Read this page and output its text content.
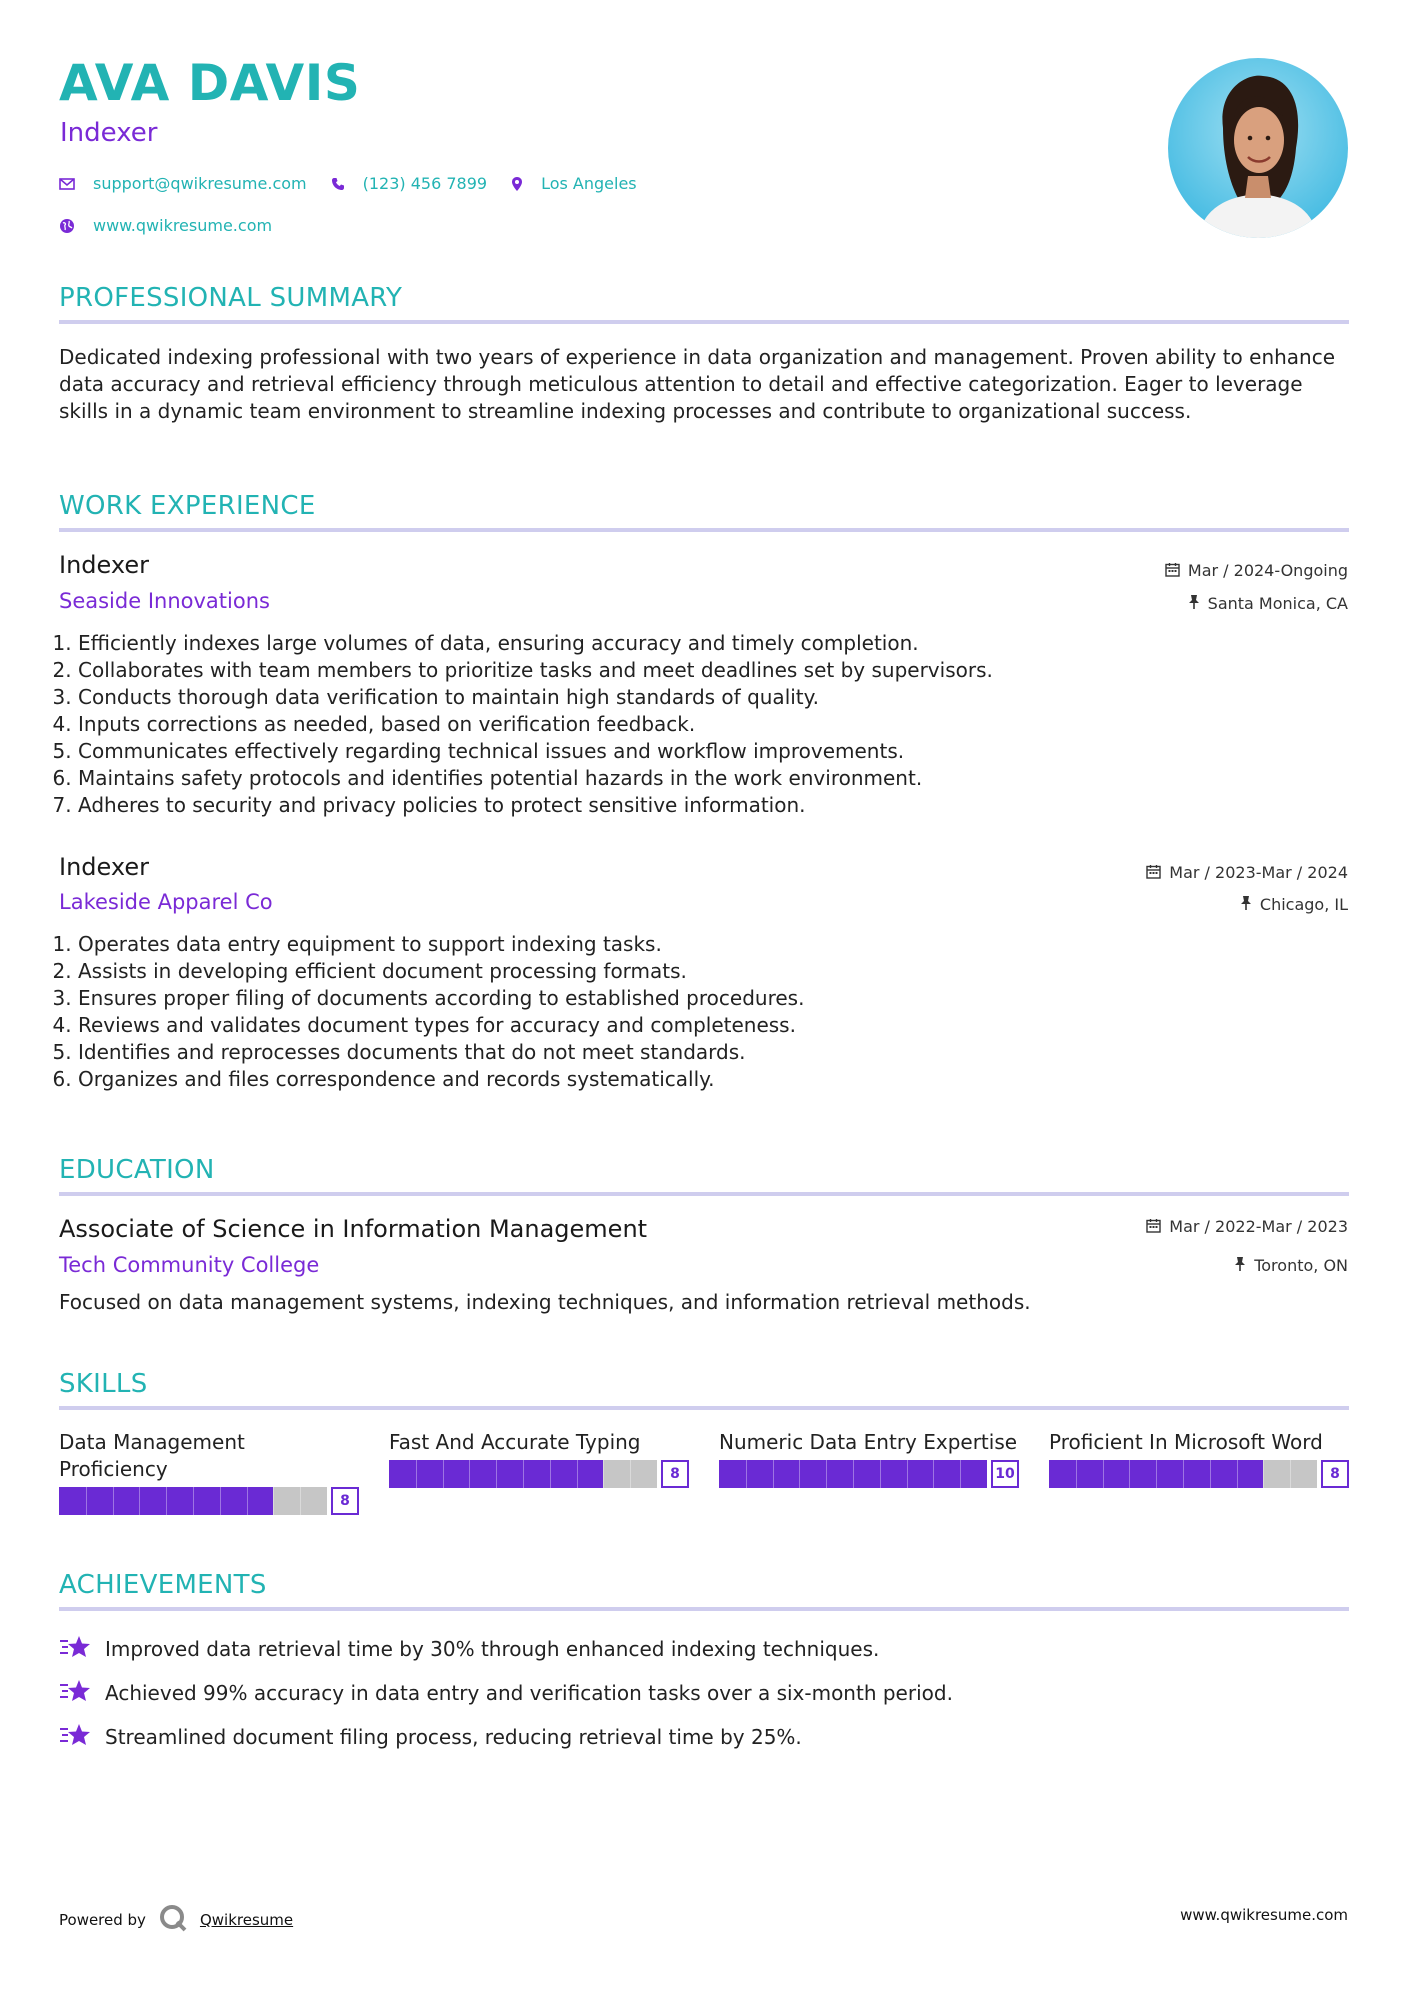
AVA DAVIS
Indexer
support@qwikresume.com	(123) 456 7899	Los Angeles
www.qwikresume.com
PROFESSIONAL SUMMARY
Dedicated indexing professional with two years of experience in data organization and management. Proven ability to enhance data accuracy and retrieval efficiency through meticulous attention to detail and effective categorization. Eager to leverage skills in a dynamic team environment to streamline indexing processes and contribute to organizational success.
WORK EXPERIENCE
Indexer
Seaside Innovations
Mar / 2024-Ongoing
Santa Monica, CA
1. Efficiently indexes large volumes of data, ensuring accuracy and timely completion.
2. Collaborates with team members to prioritize tasks and meet deadlines set by supervisors.
3. Conducts thorough data verification to maintain high standards of quality.
4. Inputs corrections as needed, based on verification feedback.
5. Communicates effectively regarding technical issues and workflow improvements.
6. Maintains safety protocols and identifies potential hazards in the work environment.
7. Adheres to security and privacy policies to protect sensitive information.
Indexer
Lakeside Apparel Co
Mar / 2023-Mar / 2024
Chicago, IL
1. Operates data entry equipment to support indexing tasks.
2. Assists in developing efficient document processing formats.
3. Ensures proper filing of documents according to established procedures.
4. Reviews and validates document types for accuracy and completeness.
5. Identifies and reprocesses documents that do not meet standards.
6. Organizes and files correspondence and records systematically.
EDUCATION
Associate of Science in Information Management
Tech Community College
Mar / 2022-Mar / 2023
Toronto, ON
Focused on data management systems, indexing techniques, and information retrieval methods.
SKILLS
Data Management Proficiency
8
Fast And Accurate Typing
8
Numeric Data Entry Expertise
10
Proficient In Microsoft Word
8
ACHIEVEMENTS
Improved data retrieval time by 30% through enhanced indexing techniques.
Achieved 99% accuracy in data entry and verification tasks over a six-month period.
Streamlined document filing process, reducing retrieval time by 25%.
Powered by	Qwikresume	www.qwikresume.com
